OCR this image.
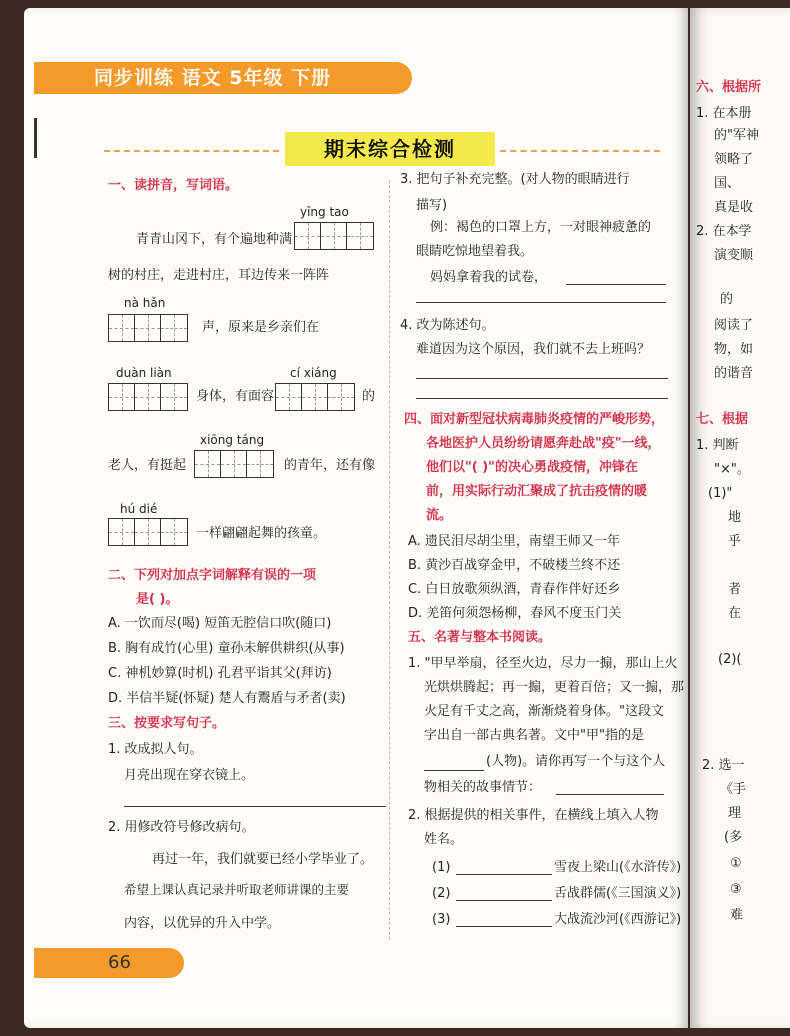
六、根据所
1. 在本册
的"军神
领略了
国、
真是收
2. 在本学
演变顺
的
阅读了
物，如
的谐音
七、根据
1. 判断
"×"。
(1)"
地
乎
者
在
(2)(
2. 选一
《手
理
(多
①
③
难
同步训练 语文 5年级 下册
期末综合检测
一、读拼音，写词语。
yīng tao
青青山冈下，有个遍地种满
树的村庄，走进村庄，耳边传来一阵阵
nà hǎn
声，原来是乡亲们在
duàn liàn
身体，有面容
cí xiáng
的
xiōng táng
老人，有挺起	的青年，还有像
hú dié
一样翩翩起舞的孩童。
二、下列对加点字词解释有误的一项
是( )。
A. 一饮而尽(喝) 短笛无腔信口吹(随口)
B. 胸有成竹(心里) 童孙未解供耕织(从事)
C. 神机妙算(时机) 孔君平诣其父(拜访)
D. 半信半疑(怀疑) 楚人有鬻盾与矛者(卖)
三、按要求写句子。
1. 改成拟人句。
月亮出现在穿衣镜上。
2. 用修改符号修改病句。
再过一年，我们就要已经小学毕业了。
希望上课认真记录并听取老师讲课的主要
内容，以优异的升入中学。
3. 把句子补充完整。(对人物的眼睛进行
描写)
例：褐色的口罩上方，一对眼神疲惫的
眼睛吃惊地望着我。
妈妈拿着我的试卷，
4. 改为陈述句。
难道因为这个原因，我们就不去上班吗？
四、面对新型冠状病毒肺炎疫情的严峻形势，
各地医护人员纷纷请愿奔赴战"疫"一线，
他们以"( )"的决心勇战疫情，冲锋在
前，用实际行动汇聚成了抗击疫情的暖
流。
A. 遗民泪尽胡尘里，南望王师又一年
B. 黄沙百战穿金甲，不破楼兰终不还
C. 白日放歌须纵酒，青春作伴好还乡
D. 羌笛何须怨杨柳，春风不度玉门关
五、名著与整本书阅读。
1. "甲早举扇，径至火边，尽力一搧，那山上火
光烘烘腾起；再一搧，更着百倍；又一搧，那
火足有千丈之高，渐渐烧着身体。"这段文
字出自一部古典名著。文中"甲"指的是
(人物)。请你再写一个与这个人
物相关的故事情节：
2. 根据提供的相关事件，在横线上填入人物
姓名。
(1)	雪夜上梁山(《水浒传》)
(2)	舌战群儒(《三国演义》)
(3)	大战流沙河(《西游记》)
66
